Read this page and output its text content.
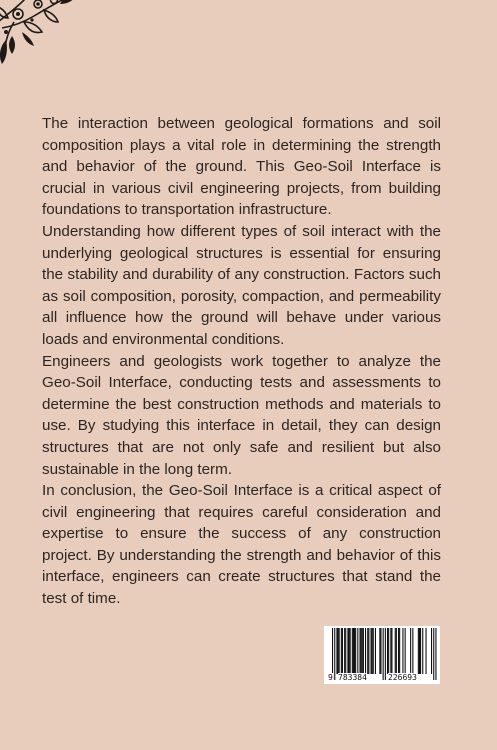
The interaction between geological formations and soil composition plays a vital role in determining the strength and behavior of the ground. This Geo-Soil Interface is crucial in various civil engineering projects, from building foundations to transportation infrastructure.

Understanding how different types of soil interact with the underlying geological structures is essential for ensuring the stability and durability of any construction. Factors such as soil composition, porosity, compaction, and permeability all influence how the ground will behave under various loads and environmental conditions.

Engineers and geologists work together to analyze the Geo-Soil Interface, conducting tests and assessments to determine the best construction methods and materials to use. By studying this interface in detail, they can design structures that are not only safe and resilient but also sustainable in the long term.

In conclusion, the Geo-Soil Interface is a critical aspect of civil engineering that requires careful consideration and expertise to ensure the success of any construction project. By understanding the strength and behavior of this interface, engineers can create structures that stand the test of time.

9 783384	226693
